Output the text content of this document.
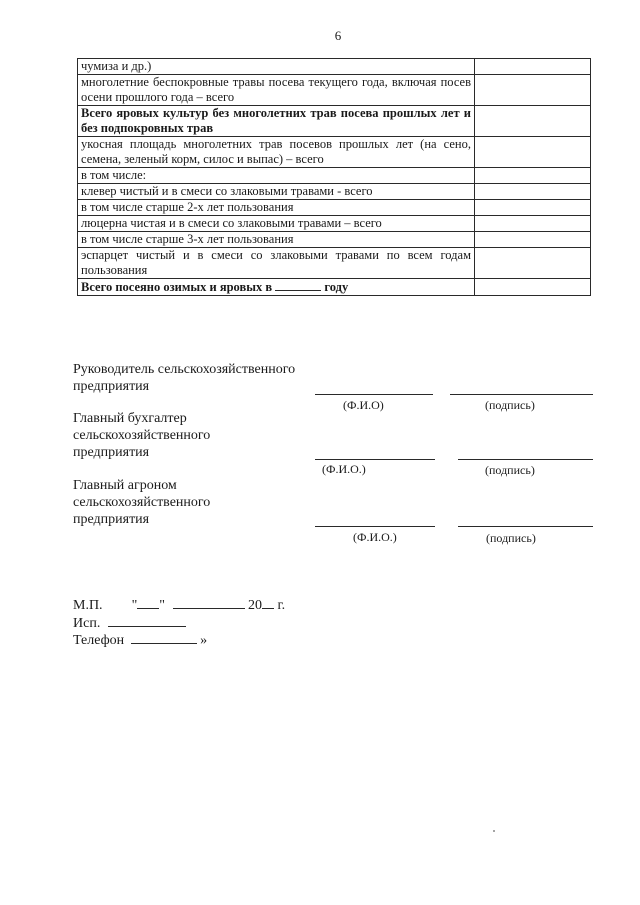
6
чумиза и др.)	
многолетние беспокровные травы посева текущего года, включая посев осени прошлого года – всего	
Всего яровых культур без многолетних трав посева прошлых лет и без подпокровных трав	
укосная площадь многолетних трав посевов прошлых лет (на сено, семена, зеленый корм, силос и выпас) – всего	
в том числе:	
клевер чистый и в смеси со злаковыми травами - всего	
в том числе старше 2-х лет пользования	
люцерна чистая и в смеси со злаковыми травами – всего	
в том числе старше 3-х лет пользования	
эспарцет чистый и в смеси со злаковыми травами по всем годам пользования	
Всего посеяно озимых и яровых в году	
Руководитель сельскохозяйственного
предприятия
(Ф.И.О)	(подпись)
Главный бухгалтер
сельскохозяйственного
предприятия
(Ф.И.О.)	(подпись)
Главный агроном
сельскохозяйственного
предприятия
(Ф.И.О.)	(подпись)
М.П. " "	20 г.
Исп.
Телефон	»
